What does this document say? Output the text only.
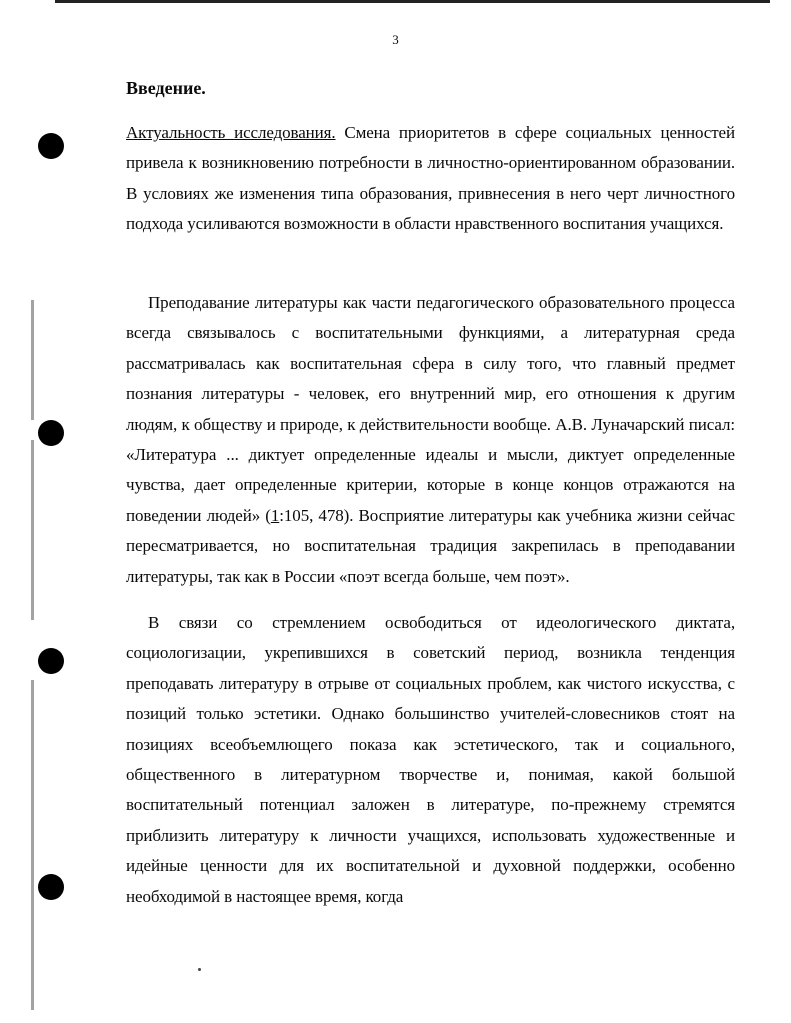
3
Введение.

Актуальность исследования. Смена приоритетов в сфере социальных ценностей привела к возникновению потребности в личностно-ориентированном образовании. В условиях же изменения типа образования, привнесения в него черт личностного подхода усиливаются возможности в области нравственного воспитания учащихся.

Преподавание литературы как части педагогического образовательного процесса всегда связывалось с воспитательными функциями, а литературная среда рассматривалась как воспитательная сфера в силу того, что главный предмет познания литературы - человек, его внутренний мир, его отношения к другим людям, к обществу и природе, к действительности вообще. А.В. Луначарский писал: «Литература ... диктует определенные идеалы и мысли, диктует определенные чувства, дает определенные критерии, которые в конце концов отражаются на поведении людей» (1:105, 478). Восприятие литературы как учебника жизни сейчас пересматривается, но воспитательная традиция закрепилась в преподавании литературы, так как в России «поэт всегда больше, чем поэт».

В связи со стремлением освободиться от идеологического диктата, социологизации, укрепившихся в советский период, возникла тенденция преподавать литературу в отрыве от социальных проблем, как чистого искусства, с позиций только эстетики. Однако большинство учителей-словесников стоят на позициях всеобъемлющего показа как эстетического, так и социального, общественного в литературном творчестве и, понимая, какой большой воспитательный потенциал заложен в литературе, по-прежнему стремятся приблизить литературу к личности учащихся, использовать художественные и идейные ценности для их воспитательной и духовной поддержки, особенно необходимой в настоящее время, когда
